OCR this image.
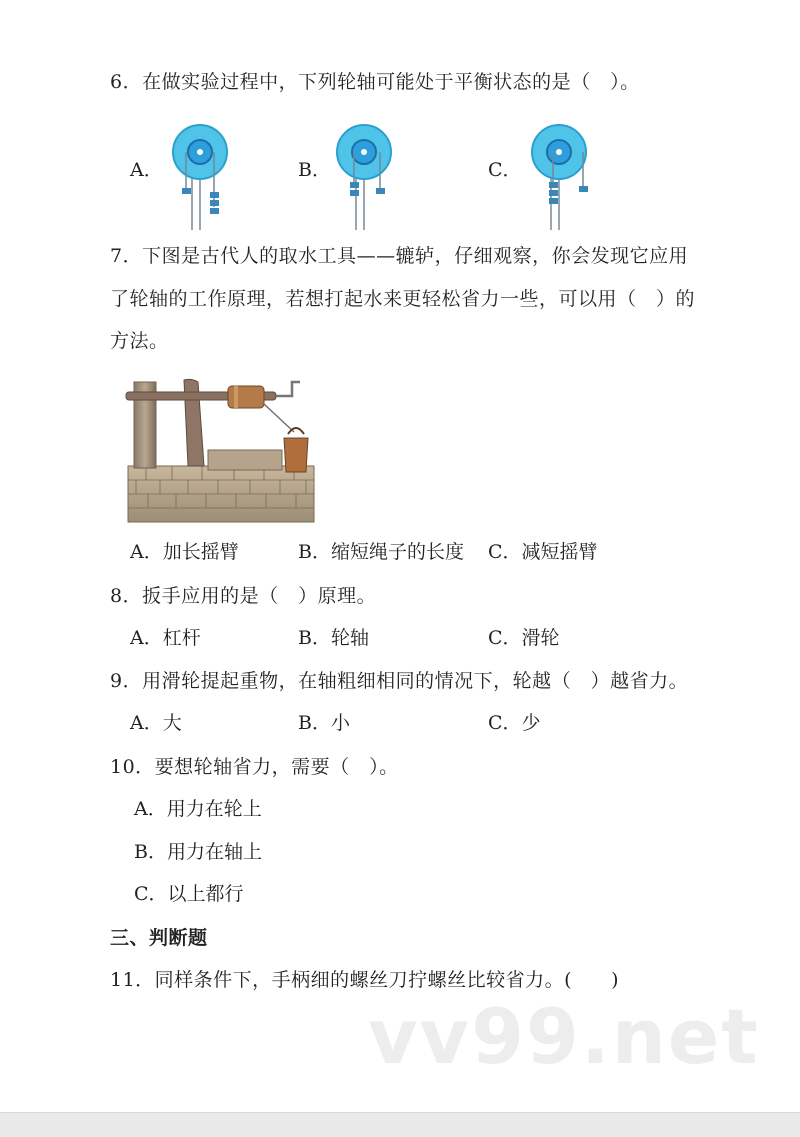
6．在做实验过程中，下列轮轴可能处于平衡状态的是（　）。
A．	B．	C．
7．下图是古代人的取水工具——辘轳，仔细观察，你会发现它应用
了轮轴的工作原理，若想打起水来更轻松省力一些，可以用（　）的
方法。
A．加长摇臂	B．缩短绳子的长度 C．减短摇臂
8．扳手应用的是（　）原理。
A．杠杆	B．轮轴	C．滑轮
9．用滑轮提起重物，在轴粗细相同的情况下，轮越（　）越省力。
A．大	B．小	C．少
10．要想轮轴省力，需要（　）。
A．用力在轮上
B．用力在轴上
C．以上都行
三、判断题
11．同样条件下，手柄细的螺丝刀拧螺丝比较省力。(　　)
vv99.net
